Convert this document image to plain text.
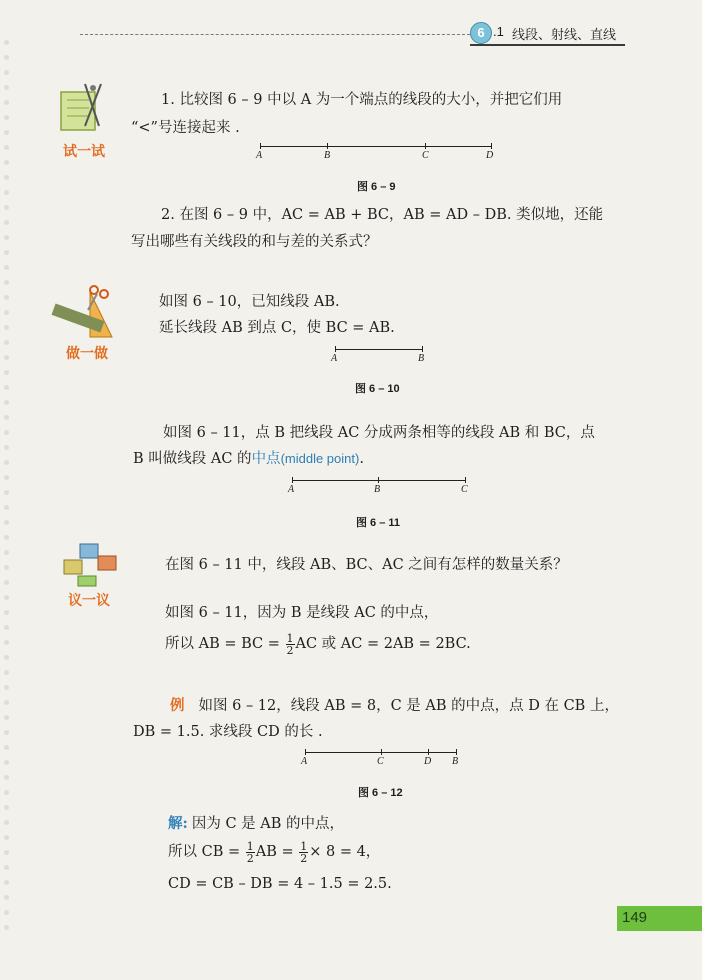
6 .1 线段、射线、直线
试一试
1. 比较图 6 – 9 中以 A 为一个端点的线段的大小，并把它们用
“<”号连接起来 .
A	B	C	D
图 6 – 9
2. 在图 6 – 9 中，AC = AB + BC，AB = AD – DB. 类似地，还能
写出哪些有关线段的和与差的关系式？
做一做
如图 6 – 10，已知线段 AB.
延长线段 AB 到点 C，使 BC = AB.
A	B
图 6 – 10
如图 6 – 11，点 B 把线段 AC 分成两条相等的线段 AB 和 BC，点
B 叫做线段 AC 的中点(middle point).
A	B	C
图 6 – 11
议一议
在图 6 – 11 中，线段 AB、BC、AC 之间有怎样的数量关系？
如图 6 – 11，因为 B 是线段 AC 的中点，
所以 AB = BC = $\frac{1}{2}$ AC 或 AC = 2AB = 2BC.
例 如图 6 – 12，线段 AB = 8，C 是 AB 的中点，点 D 在 CB 上，
DB = 1.5. 求线段 CD 的长 .
A	C	D B
图 6 – 12
解: 因为 C 是 AB 的中点，
所以 CB = $\frac{1}{2}$ AB = $\frac{1}{2} \times 8 = 4$，
CD = CB – DB = 4 – 1.5 = 2.5.
149
